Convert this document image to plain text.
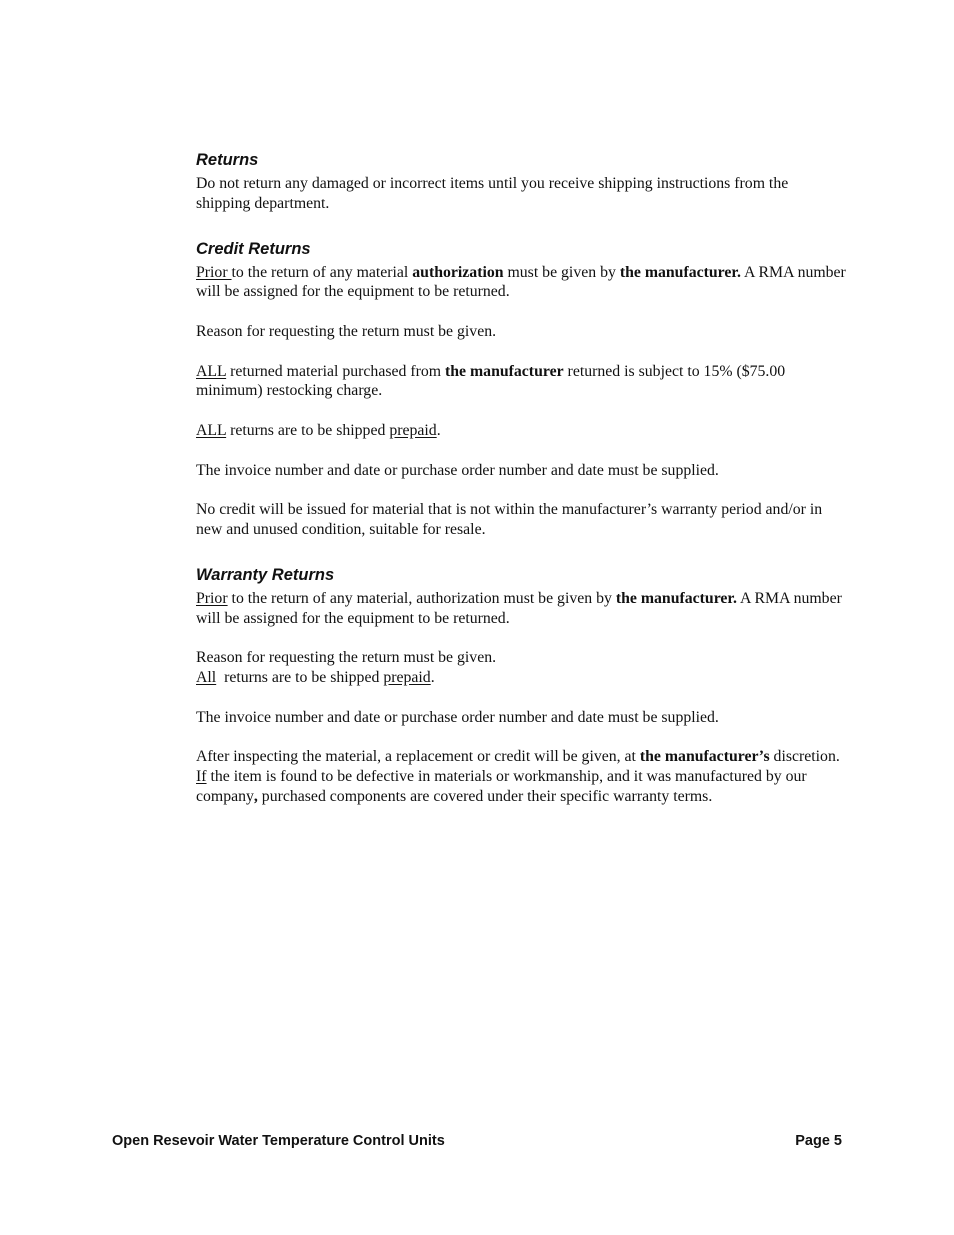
Returns

Do not return any damaged or incorrect items until you receive shipping instructions from the shipping department.

Credit Returns

Prior to the return of any material authorization must be given by the manufacturer. A RMA number will be assigned for the equipment to be returned.

Reason for requesting the return must be given.

ALL returned material purchased from the manufacturer returned is subject to 15% ($75.00 minimum) restocking charge.

ALL returns are to be shipped prepaid.

The invoice number and date or purchase order number and date must be supplied.

No credit will be issued for material that is not within the manufacturer’s warranty period and/or in new and unused condition, suitable for resale.

Warranty Returns

Prior to the return of any material, authorization must be given by the manufacturer. A RMA number will be assigned for the equipment to be returned.

Reason for requesting the return must be given.

All  returns are to be shipped prepaid.

The invoice number and date or purchase order number and date must be supplied.

After inspecting the material, a replacement or credit will be given, at the manufacturer’s discretion.  If the item is found to be defective in materials or workmanship, and it was manufactured by our company, purchased components are covered under their specific warranty terms.

Open Resevoir Water Temperature Control Units	Page 5
